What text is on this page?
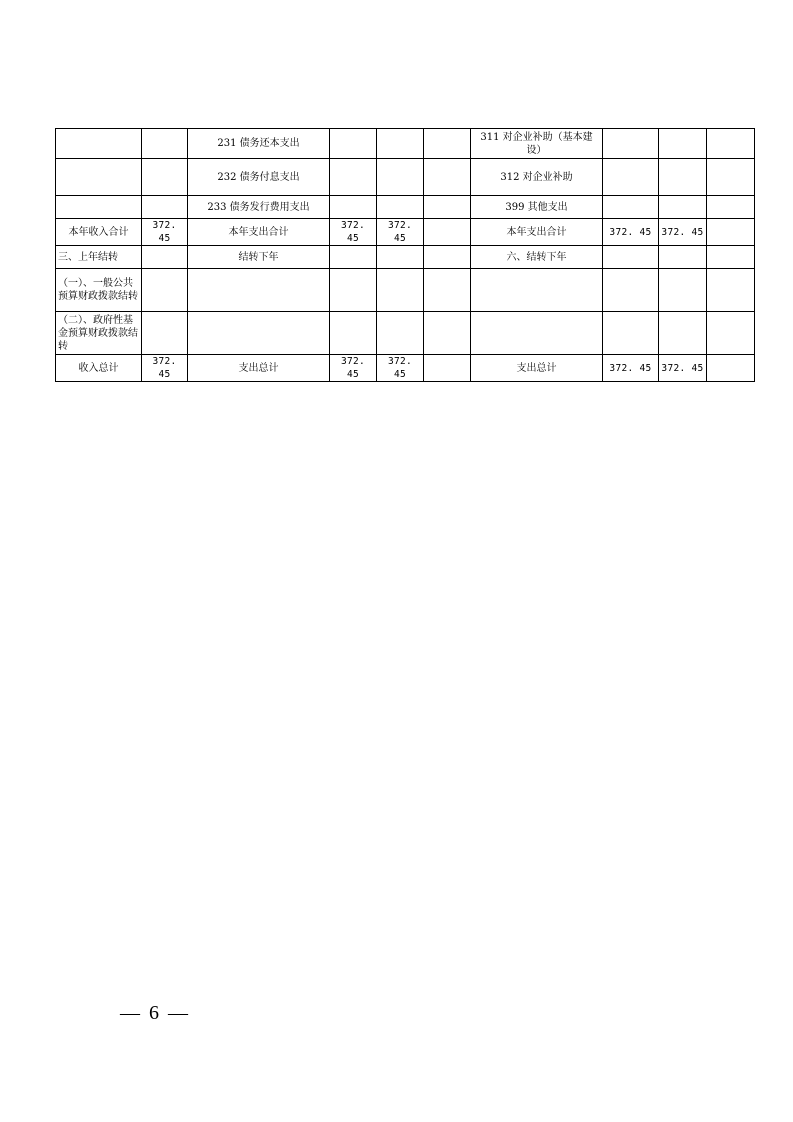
		231 债务还本支出				311 对企业补助（基本建设）			
		232 债务付息支出				312 对企业补助			
		233 债务发行费用支出				399 其他支出			
本年收入合计	372. 45	本年支出合计	372. 45	372. 45		本年支出合计	372. 45	372. 45	
三、上年结转		结转下年				六、结转下年			
（一）、一般公共预算财政拨款结转									
（二）、政府性基金预算财政拨款结转									
收入总计	372. 45	支出总计	372. 45	372. 45		支出总计	372. 45	372. 45	
— 6 —
